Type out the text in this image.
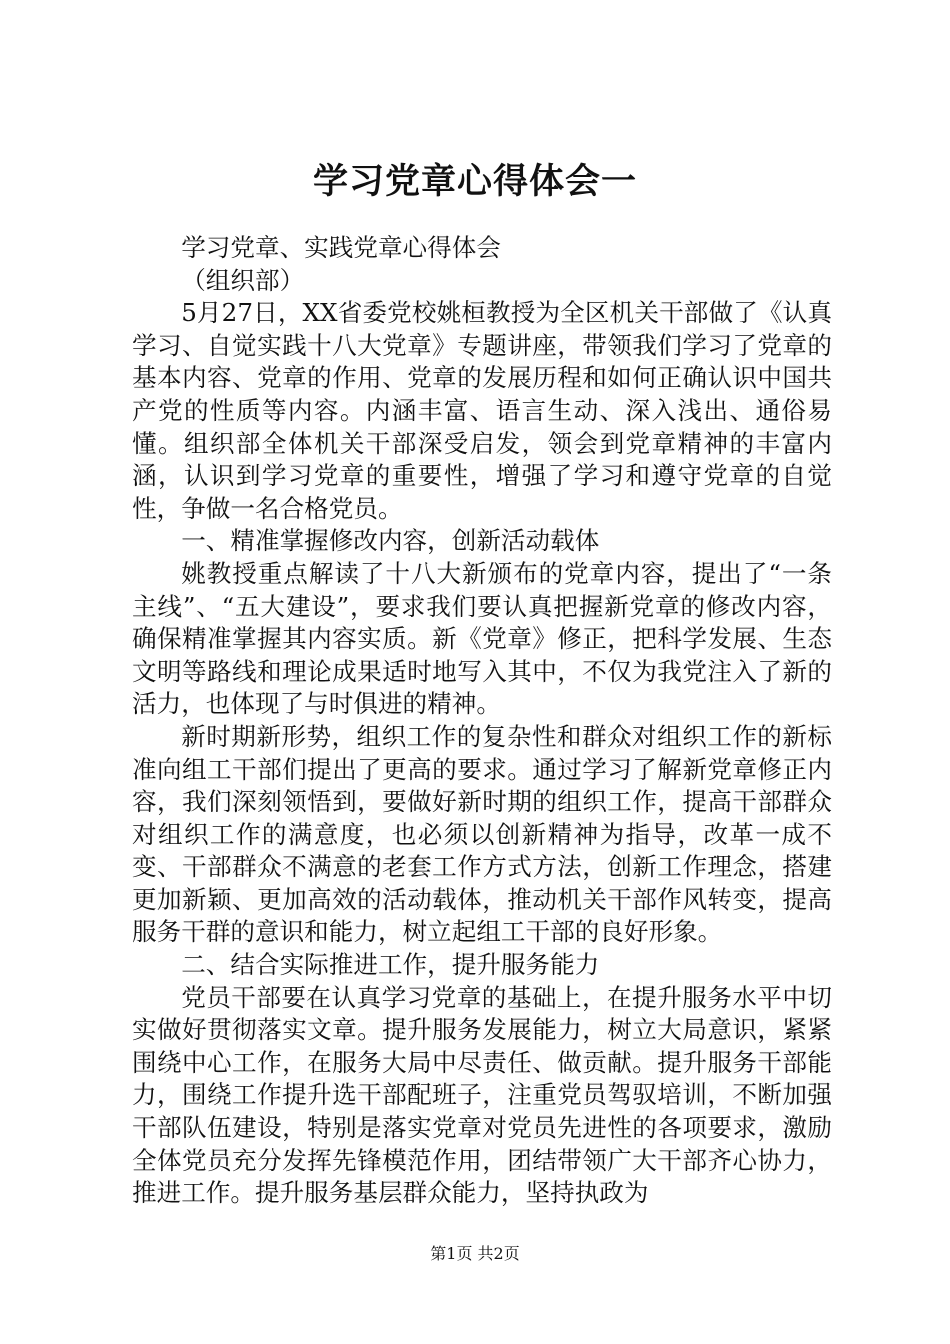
学习党章心得体会一

学习党章、实践党章心得体会

（组织部）

5月27日，XX省委党校姚桓教授为全区机关干部做了《认真学习、自觉实践十八大党章》专题讲座，带领我们学习了党章的基本内容、党章的作用、党章的发展历程和如何正确认识中国共产党的性质等内容。内涵丰富、语言生动、深入浅出、通俗易懂。组织部全体机关干部深受启发，领会到党章精神的丰富内涵，认识到学习党章的重要性，增强了学习和遵守党章的自觉性，争做一名合格党员。

一、精准掌握修改内容，创新活动载体

姚教授重点解读了十八大新颁布的党章内容，提出了“一条主线”、“五大建设”，要求我们要认真把握新党章的修改内容，确保精准掌握其内容实质。新《党章》修正，把科学发展、生态文明等路线和理论成果适时地写入其中，不仅为我党注入了新的活力，也体现了与时俱进的精神。

新时期新形势，组织工作的复杂性和群众对组织工作的新标准向组工干部们提出了更高的要求。通过学习了解新党章修正内容，我们深刻领悟到，要做好新时期的组织工作，提高干部群众对组织工作的满意度，也必须以创新精神为指导，改革一成不变、干部群众不满意的老套工作方式方法，创新工作理念，搭建更加新颖、更加高效的活动载体，推动机关干部作风转变，提高服务干群的意识和能力，树立起组工干部的良好形象。

二、结合实际推进工作，提升服务能力

党员干部要在认真学习党章的基础上，在提升服务水平中切实做好贯彻落实文章。提升服务发展能力，树立大局意识，紧紧围绕中心工作，在服务大局中尽责任、做贡献。提升服务干部能力，围绕工作提升选干部配班子，注重党员驾驭培训，不断加强干部队伍建设，特别是落实党章对党员先进性的各项要求，激励全体党员充分发挥先锋模范作用，团结带领广大干部齐心协力，推进工作。提升服务基层群众能力，坚持执政为

第1页 共2页
